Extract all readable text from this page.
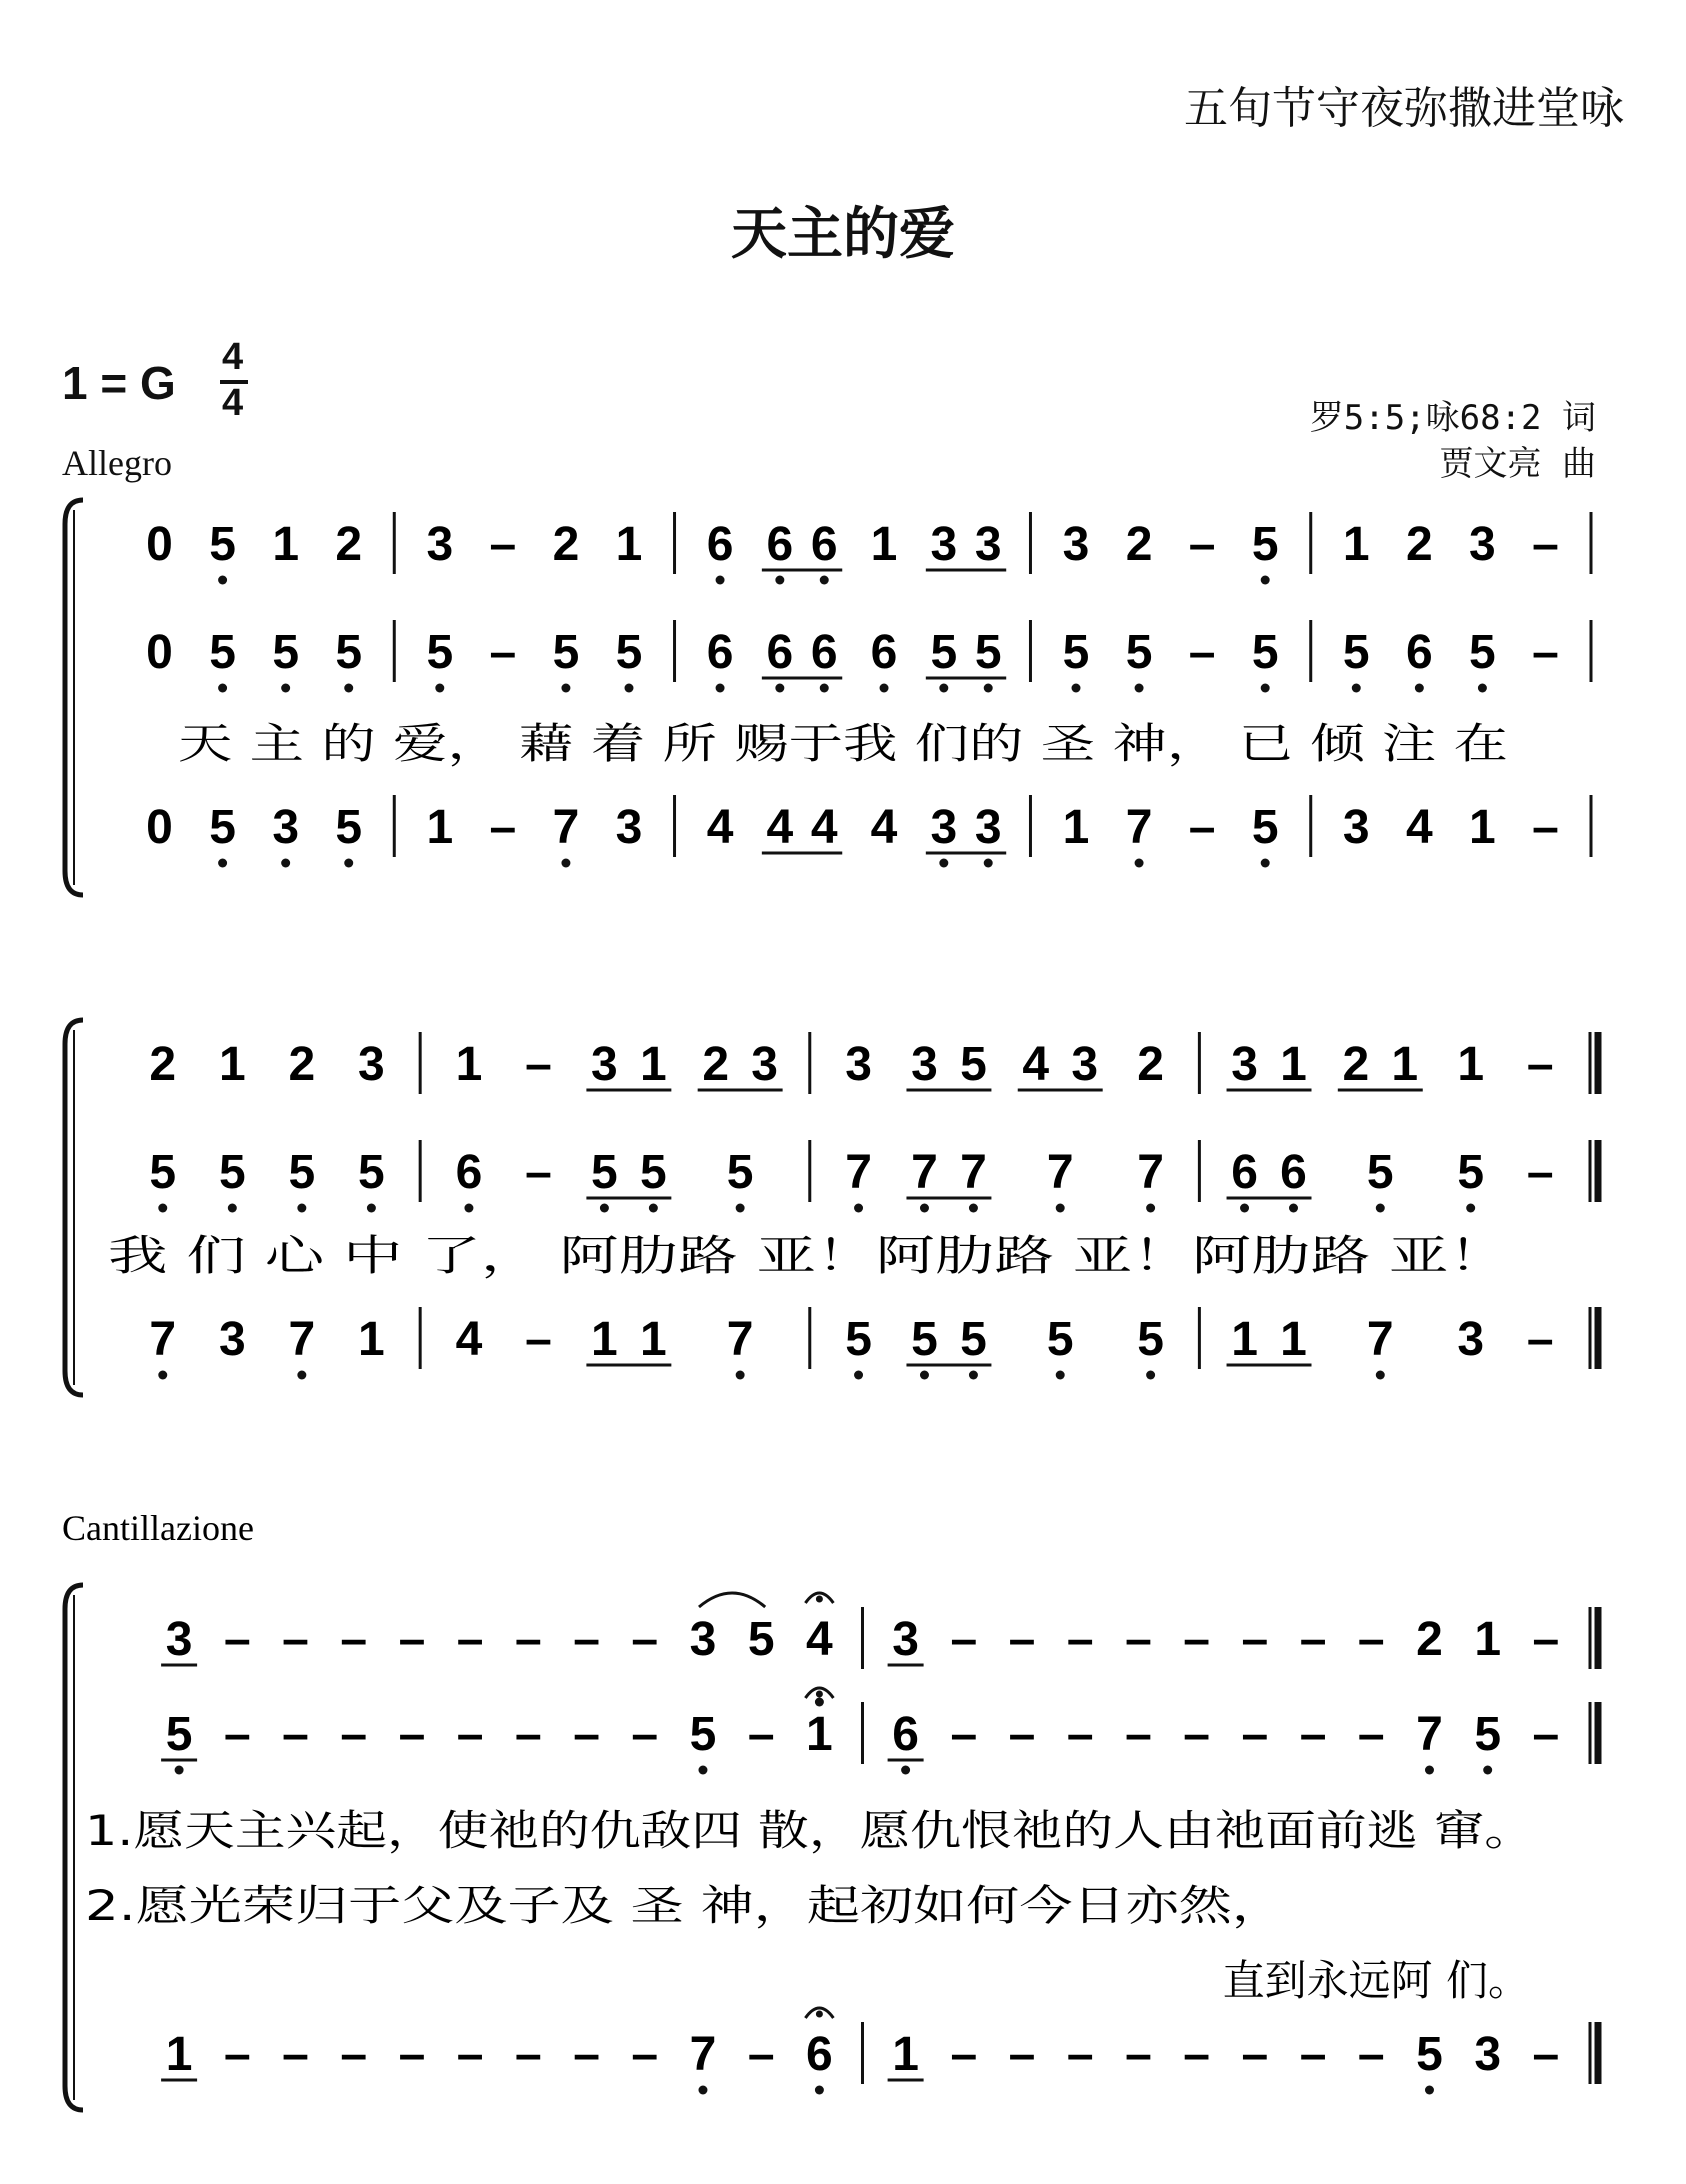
五旬节守夜弥撒进堂咏
天主的爱
1 = G 4
4
Allegro
罗5:5;咏68:2 词
贾文亮 曲
0 5 1 2 3 – 2 1 6 6 6 1 3 3 3 2 – 5 1 2 3 –
0 5 5 5 5 – 5 5 6 6 6 6 5 5 5 5 – 5 5 6 5 –
0 5 3 5 1 – 7 3 4 4 4 4 3 3 1 7 – 5 3 4 1 –
天 主 的 爱， 藉 着 所 赐于我 们的 圣 神， 已 倾 注 在
2 1 2 3 1 – 3 1 2 3 3 3 5 4 3 2 3 1 2 1 1 –
5 5 5 5 6 – 5 5 5 7 7 7 7 7 6 6 5 5 –
7 3 7 1 4 – 1 1 7 5 5 5 5 5 1 1 7 3 –
我 们 心 中 了， 阿肋路 亚！阿肋路 亚！阿肋路 亚！
Cantillazione
3 – – – – – – – – 3 5 4 3 – – – – – – – – 2 1 –
5 – – – – – – – – 5 – 1 6 – – – – – – – – 7 5 –
1 – – – – – – – – 7 – 6 1 – – – – – – – – 5 3 –
1.愿天主兴起，使祂的仇敌四 散，愿仇恨祂的人由祂面前逃 窜。
2.愿光荣归于父及子及 圣 神，起初如何今日亦然，
直到永远阿 们。
